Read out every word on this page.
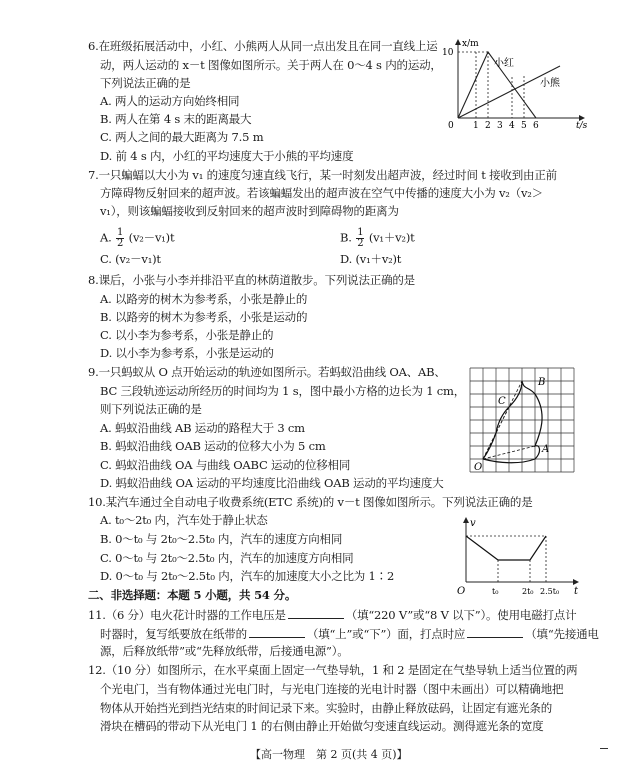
6.在班级拓展活动中，小红、小熊两人从同一点出发且在同一直线上运
动，两人运动的 x－t 图像如图所示。关于两人在 0～4 s 内的运动，
下列说法正确的是
A. 两人的运动方向始终相同
B. 两人在第 4 s 末的距离最大
C. 两人之间的最大距离为 7.5 m
D. 前 4 s 内，小红的平均速度大于小熊的平均速度
x/m
10
0 1 2 3 4 5 6	t/s
小红
小熊
7.一只蝙蝠以大小为 v₁ 的速度匀速直线飞行，某一时刻发出超声波，经过时间 t 接收到由正前
方障碍物反射回来的超声波。若该蝙蝠发出的超声波在空气中传播的速度大小为 v₂（v₂＞
v₁），则该蝙蝠接收到反射回来的超声波时到障碍物的距离为
A. $\frac{1}{2} (v_2-v_1)t$	B. $\frac{1}{2} (v_1+v_2)t$
C. (v₂－v₁)t	D. (v₁＋v₂)t
8.课后，小张与小李并排沿平直的林荫道散步。下列说法正确的是
A. 以路旁的树木为参考系，小张是静止的
B. 以路旁的树木为参考系，小张是运动的
C. 以小李为参考系，小张是静止的
D. 以小李为参考系，小张是运动的
9.一只蚂蚁从 O 点开始运动的轨迹如图所示。若蚂蚁沿曲线 OA、AB、
BC 三段轨迹运动所经历的时间均为 1 s，图中最小方格的边长为 1 cm，
则下列说法正确的是
A. 蚂蚁沿曲线 AB 运动的路程大于 3 cm
B. 蚂蚁沿曲线 OAB 运动的位移大小为 5 cm
C. 蚂蚁沿曲线 OA 与曲线 OABC 运动的位移相同
D. 蚂蚁沿曲线 OA 运动的平均速度比沿曲线 OAB 运动的平均速度大
O
A
B
C
10.某汽车通过全自动电子收费系统(ETC 系统)的 v－t 图像如图所示。下列说法正确的是
A. t₀～2t₀ 内，汽车处于静止状态
B. 0～t₀ 与 2t₀～2.5t₀ 内，汽车的速度方向相同
C. 0～t₀ 与 2t₀～2.5t₀ 内，汽车的加速度方向相同
D. 0～t₀ 与 2t₀～2.5t₀ 内，汽车的加速度大小之比为 1∶2
v
t
O	t₀	2t₀ 2.5t₀
二、非选择题：本题 5 小题，共 54 分。
11.（6 分）电火花计时器的工作电压是	（填“220 V”或“8 V 以下”）。使用电磁打点计
时器时，复写纸要放在纸带的	（填“上”或“下”）面，打点时应	（填“先接通电
源，后释放纸带”或“先释放纸带，后接通电源”）。
12.（10 分）如图所示，在水平桌面上固定一气垫导轨，1 和 2 是固定在气垫导轨上适当位置的两
个光电门，当有物体通过光电门时，与光电门连接的光电计时器（图中未画出）可以精确地把
物体从开始挡光到挡光结束的时间记录下来。实验时，由静止释放砝码，让固定有遮光条的
滑块在槽码的带动下从光电门 1 的右侧由静止开始做匀变速直线运动。测得遮光条的宽度
【高一物理　第 2 页(共 4 页)】
